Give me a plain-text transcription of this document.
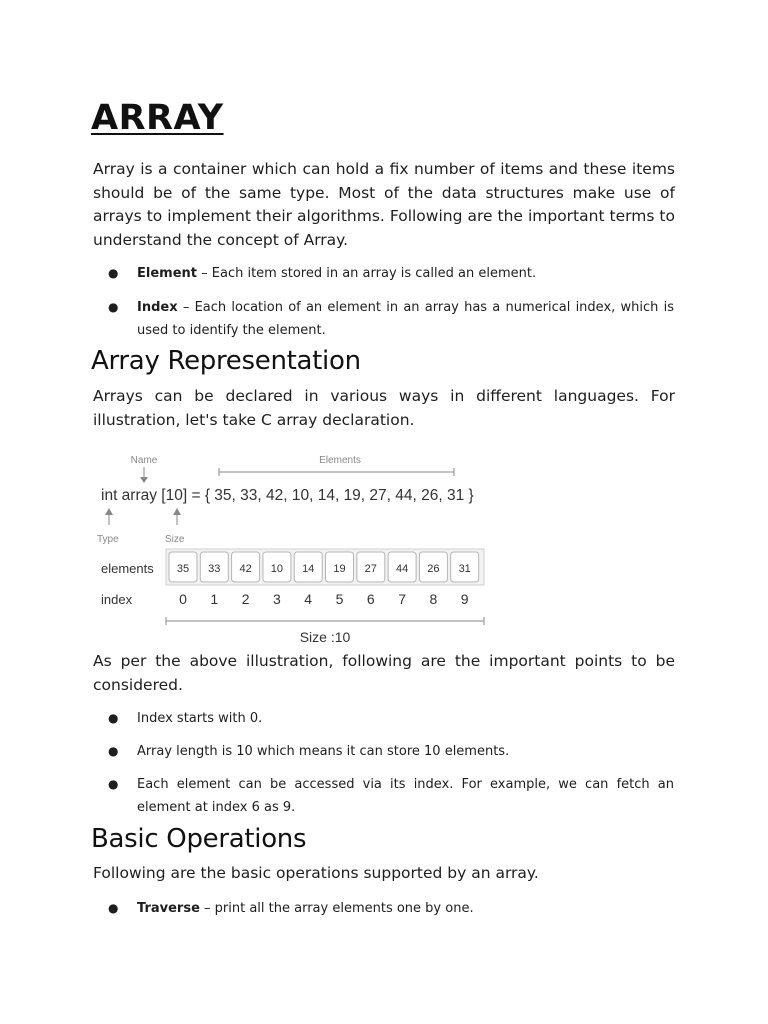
ARRAY

Array is a container which can hold a fix number of items and these items should be of the same type. Most of the data structures make use of arrays to implement their algorithms. Following are the important terms to understand the concept of Array.

● Element – Each item stored in an array is called an element.
● Index – Each location of an element in an array has a numerical index, which is used to identify the element.
Array Representation

Arrays can be declared in various ways in different languages. For illustration, let's take C array declaration.

Name	Elements
int array [10] = { 35, 33, 42, 10, 14, 19, 27, 44, 26, 31 }
Type	Size
elements
index
35 33 42 10 14 19 27 44 26 31
0 1 2 3 4 5 6 7 8 9
Size :10

As per the above illustration, following are the important points to be considered.

● Index starts with 0.
● Array length is 10 which means it can store 10 elements.
● Each element can be accessed via its index. For example, we can fetch an element at index 6 as 9.
Basic Operations

Following are the basic operations supported by an array.

● Traverse – print all the array elements one by one.
